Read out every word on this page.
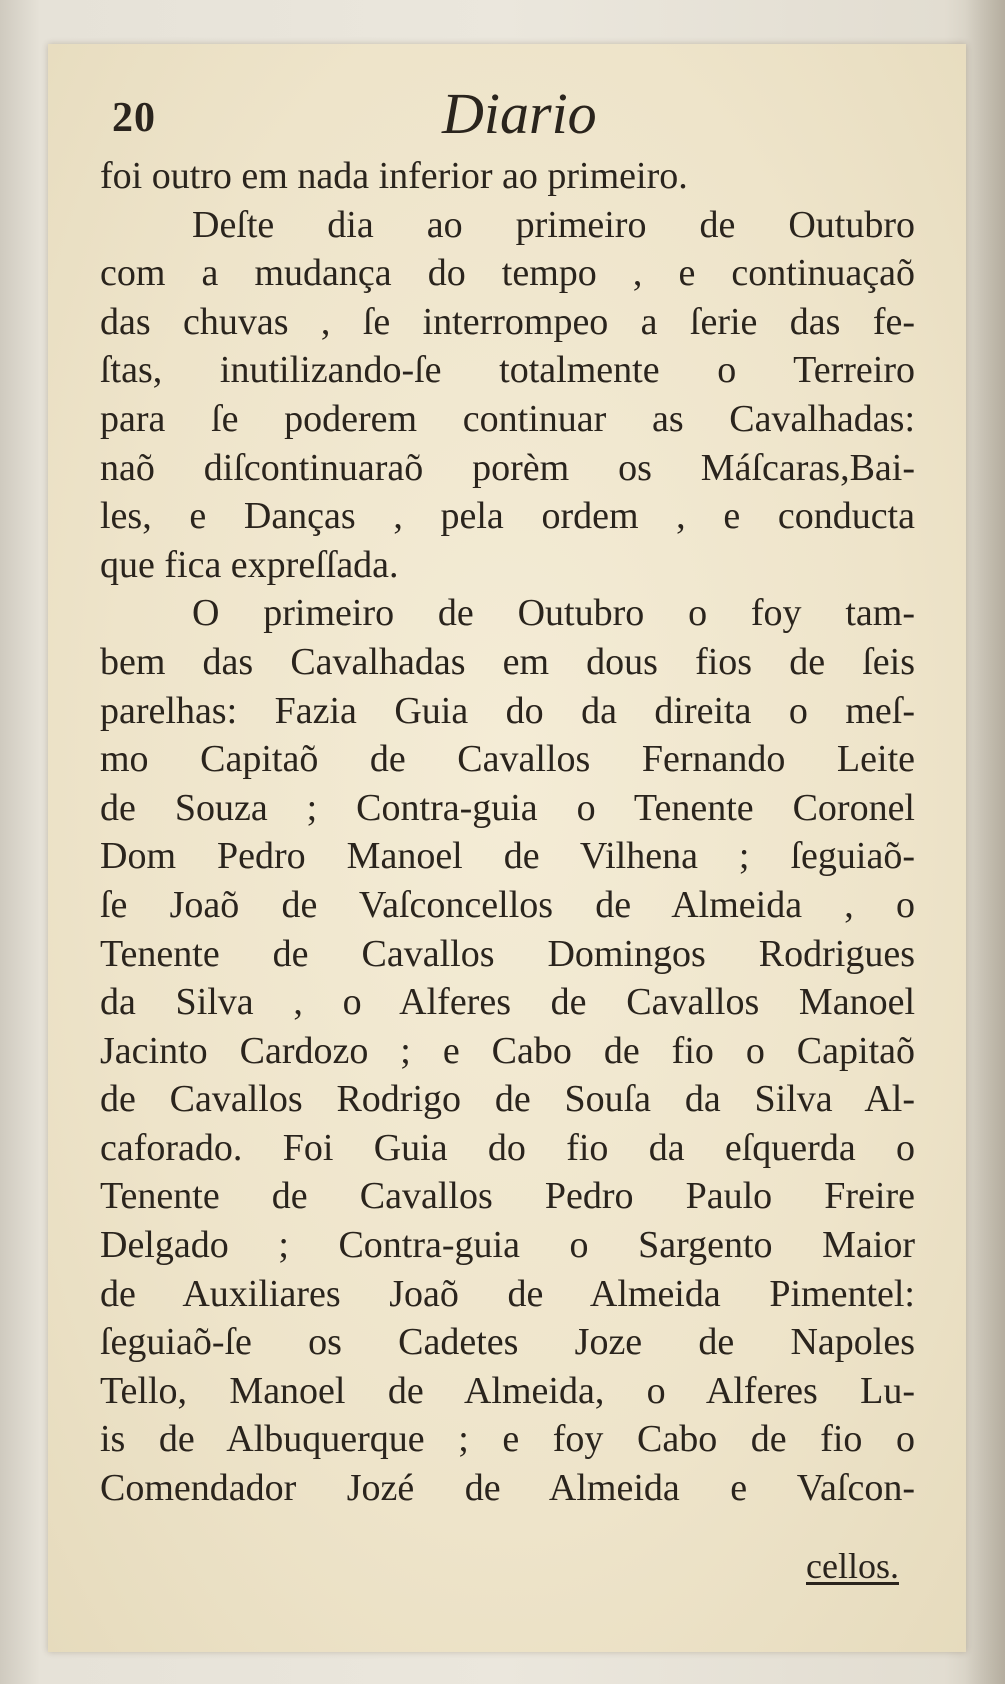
20	Diario
foi outro em nada inferior ao primeiro.
Deſte dia ao primeiro de Outubro
com a mudança do tempo , e continuaçaõ
das chuvas , ſe interrompeo a ſerie das fe-
ſtas, inutilizando-ſe totalmente o Terreiro
para ſe poderem continuar as Cavalhadas:
naõ diſcontinuaraõ porèm os Máſcaras,Bai-
les, e Danças , pela ordem , e conducta
que fica expreſſada.
O primeiro de Outubro o foy tam-
bem das Cavalhadas em dous fios de ſeis
parelhas: Fazia Guia do da direita o meſ-
mo Capitaõ de Cavallos Fernando Leite
de Souza ; Contra-guia o Tenente Coronel
Dom Pedro Manoel de Vilhena ; ſeguiaõ-
ſe Joaõ de Vaſconcellos de Almeida , o
Tenente de Cavallos Domingos Rodrigues
da Silva , o Alferes de Cavallos Manoel
Jacinto Cardozo ; e Cabo de fio o Capitaõ
de Cavallos Rodrigo de Souſa da Silva Al-
caforado. Foi Guia do fio da eſquerda o
Tenente de Cavallos Pedro Paulo Freire
Delgado ; Contra-guia o Sargento Maior
de Auxiliares Joaõ de Almeida Pimentel:
ſeguiaõ-ſe os Cadetes Joze de Napoles
Tello, Manoel de Almeida, o Alferes Lu-
is de Albuquerque ; e foy Cabo de fio o
Comendador Jozé de Almeida e Vaſcon-
cellos.
